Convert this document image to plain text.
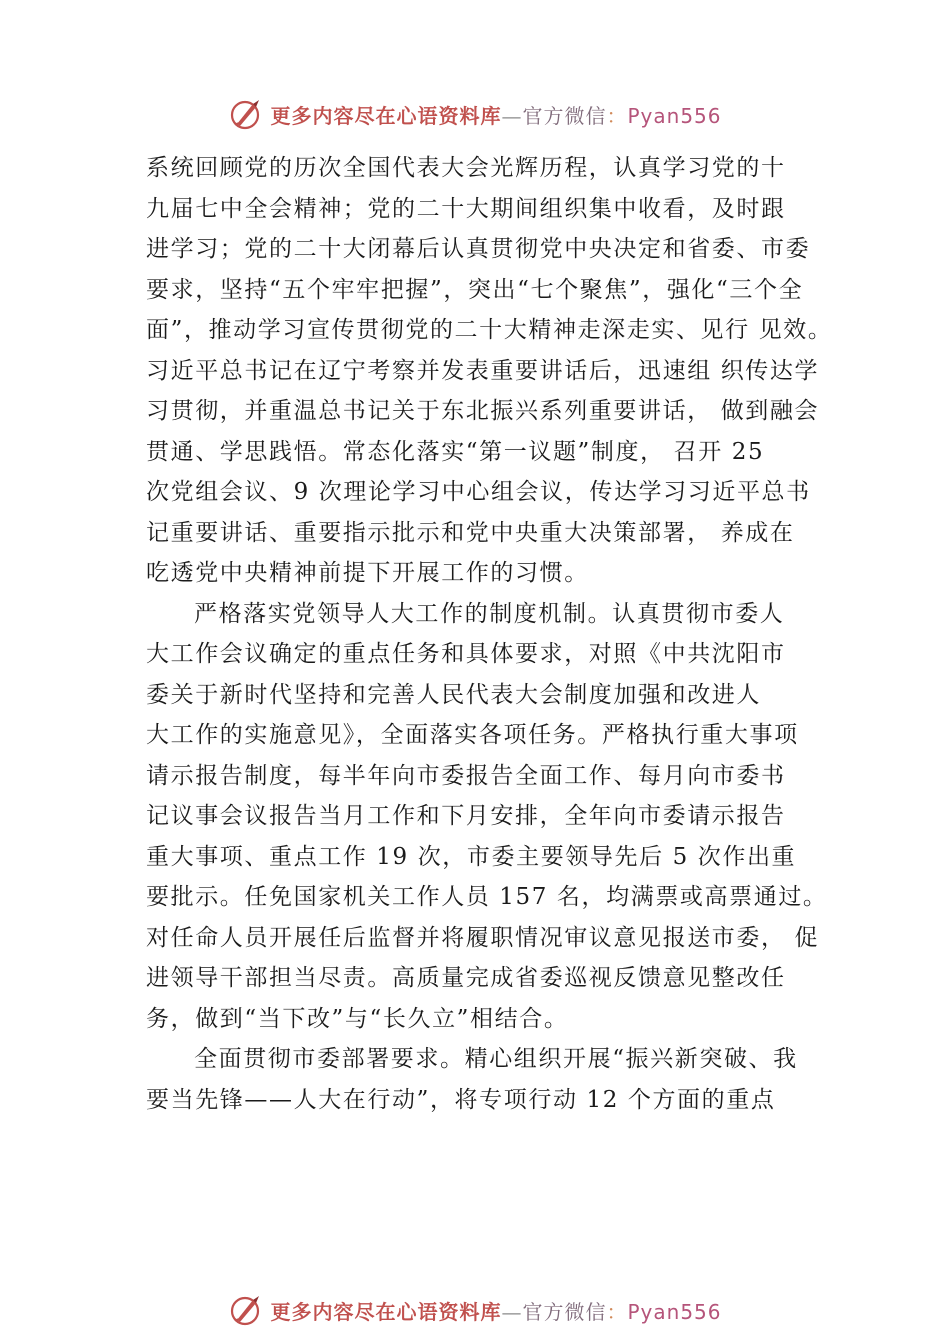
更多内容尽在心语资料库—官方微信：Pyan556
系统回顾党的历次全国代表大会光辉历程，认真学习党的十
九届七中全会精神；党的二十大期间组织集中收看，及时跟
进学习；党的二十大闭幕后认真贯彻党中央决定和省委、市委
要求，坚持“五个牢牢把握”，突出“七个聚焦”，强化“三个全
面”，推动学习宣传贯彻党的二十大精神走深走实、见行 见效。
习近平总书记在辽宁考察并发表重要讲话后，迅速组 织传达学
习贯彻，并重温总书记关于东北振兴系列重要讲话， 做到融会
贯通、学思践悟。常态化落实“第一议题”制度， 召开 25
次党组会议、9 次理论学习中心组会议，传达学习习近平总书
记重要讲话、重要指示批示和党中央重大决策部署， 养成在
吃透党中央精神前提下开展工作的习惯。
严格落实党领导人大工作的制度机制。认真贯彻市委人
大工作会议确定的重点任务和具体要求，对照《中共沈阳市
委关于新时代坚持和完善人民代表大会制度加强和改进人
大工作的实施意见》，全面落实各项任务。严格执行重大事项
请示报告制度，每半年向市委报告全面工作、每月向市委书
记议事会议报告当月工作和下月安排，全年向市委请示报告
重大事项、重点工作 19 次，市委主要领导先后 5 次作出重
要批示。任免国家机关工作人员 157 名，均满票或高票通过。
对任命人员开展任后监督并将履职情况审议意见报送市委， 促
进领导干部担当尽责。高质量完成省委巡视反馈意见整改任
务，做到“当下改”与“长久立”相结合。
全面贯彻市委部署要求。精心组织开展“振兴新突破、我
要当先锋——人大在行动”，将专项行动 12 个方面的重点
更多内容尽在心语资料库—官方微信：Pyan556
